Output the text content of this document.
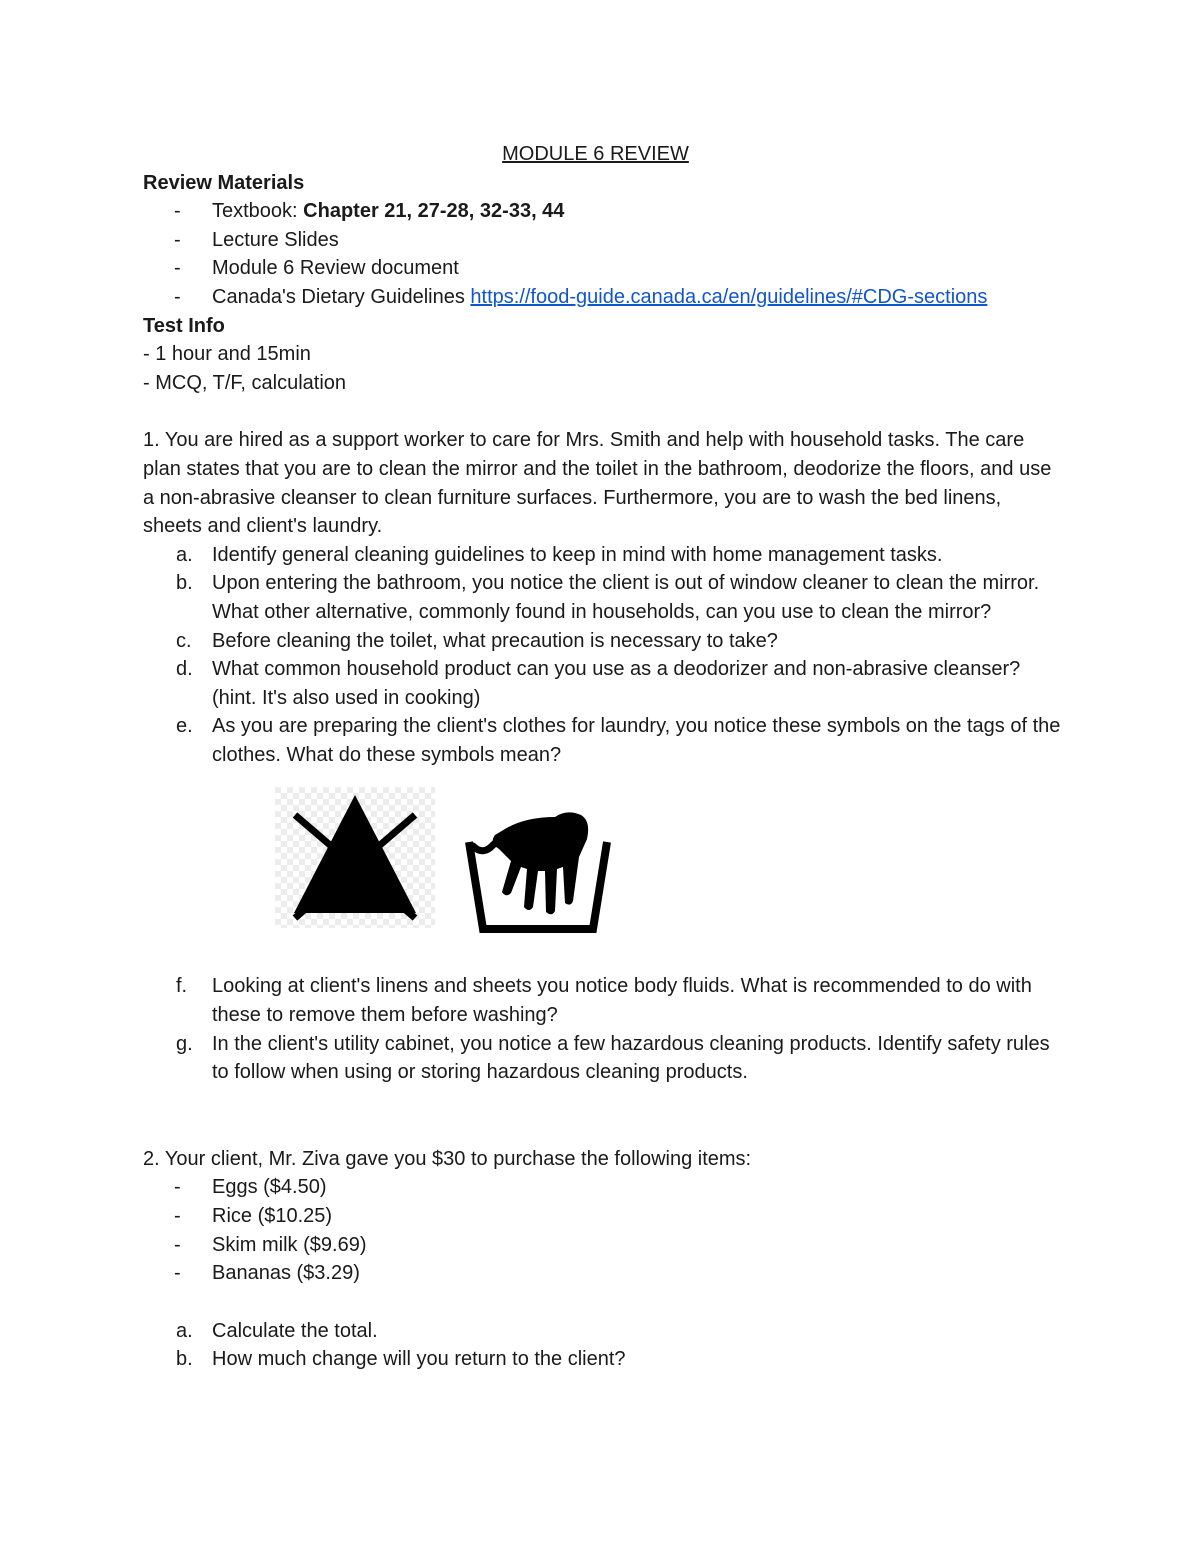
MODULE 6 REVIEW
Review Materials
- Textbook: Chapter 21, 27-28, 32-33, 44
- Lecture Slides
- Module 6 Review document
- Canada's Dietary Guidelines https://food-guide.canada.ca/en/guidelines/#CDG-sections
Test Info
- 1 hour and 15min
- MCQ, T/F, calculation
1. You are hired as a support worker to care for Mrs. Smith and help with household tasks. The care plan states that you are to clean the mirror and the toilet in the bathroom, deodorize the floors, and use a non-abrasive cleanser to clean furniture surfaces. Furthermore, you are to wash the bed linens, sheets and client's laundry.
a. Identify general cleaning guidelines to keep in mind with home management tasks.
b. Upon entering the bathroom, you notice the client is out of window cleaner to clean the mirror. What other alternative, commonly found in households, can you use to clean the mirror?
c. Before cleaning the toilet, what precaution is necessary to take?
d. What common household product can you use as a deodorizer and non-abrasive cleanser? (hint. It's also used in cooking)
e. As you are preparing the client's clothes for laundry, you notice these symbols on the tags of the clothes. What do these symbols mean?
f. Looking at client's linens and sheets you notice body fluids. What is recommended to do with these to remove them before washing?
g. In the client's utility cabinet, you notice a few hazardous cleaning products. Identify safety rules to follow when using or storing hazardous cleaning products.
2. Your client, Mr. Ziva gave you $30 to purchase the following items:
- Eggs ($4.50)
- Rice ($10.25)
- Skim milk ($9.69)
- Bananas ($3.29)
a. Calculate the total.
b. How much change will you return to the client?
